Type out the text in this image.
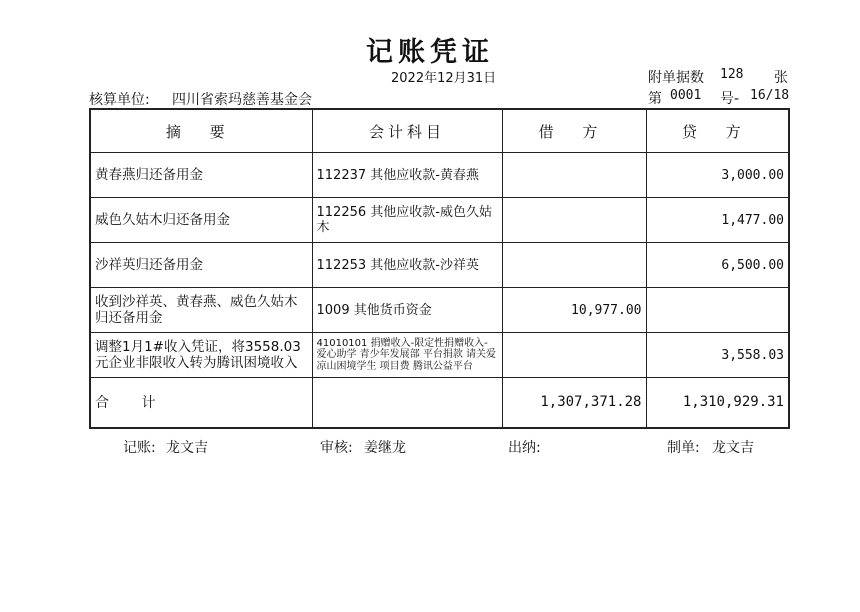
记账凭证
2022年12月31日	附单据数 128 张
核算单位: 四川省索玛慈善基金会	第 0001 号- 16/18
摘 要	会计科目	借 方	贷 方
黄春燕归还备用金	112237 其他应收款-黄春燕		3,000.00
威色久姑木归还备用金	112256 其他应收款-威色久姑木		1,477.00
沙祥英归还备用金	112253 其他应收款-沙祥英		6,500.00
收到沙祥英、黄春燕、威色久姑木归还备用金	1009 其他货币资金	10,977.00	
调整1月1#收入凭证，将3558.03元企业非限收入转为腾讯困境收入	41010101 捐赠收入-限定性捐赠收入-爱心助学 青少年发展部 平台捐款 请关爱凉山困境学生 项目费 腾讯公益平台		3,558.03
合 计		1,307,371.28	1,310,929.31
记账: 龙文吉	审核: 姜继龙	出纳:	制单: 龙文吉
